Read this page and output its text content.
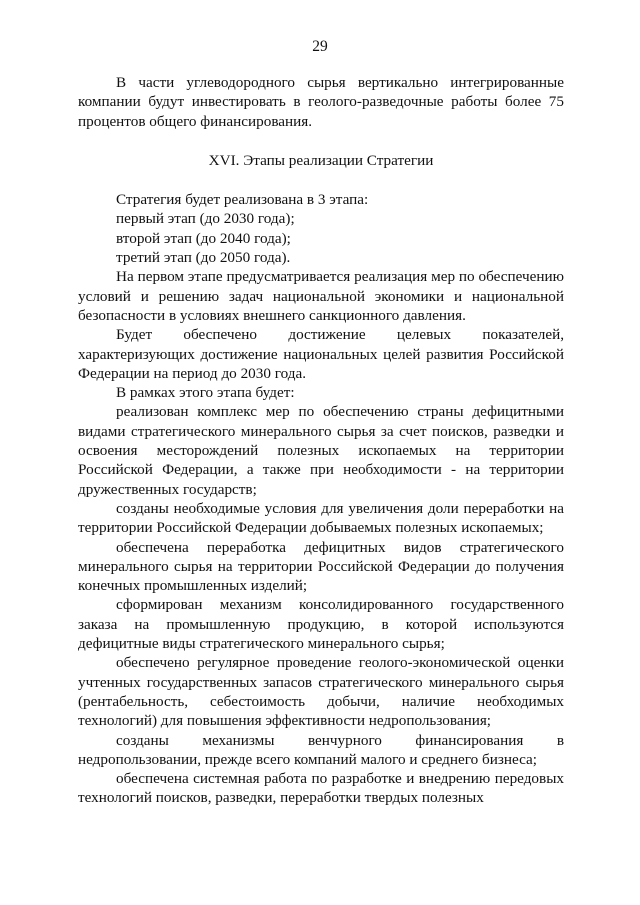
29

В части углеводородного сырья вертикально интегрированные компании будут инвестировать в геолого-разведочные работы более 75 процентов общего финансирования.

XVI. Этапы реализации Стратегии

Стратегия будет реализована в 3 этапа:

первый этап (до 2030 года);

второй этап (до 2040 года);

третий этап (до 2050 года).

На первом этапе предусматривается реализация мер по обеспечению условий и решению задач национальной экономики и национальной безопасности в условиях внешнего санкционного давления.

Будет обеспечено достижение целевых показателей, характеризующих достижение национальных целей развития Российской Федерации на период до 2030 года.

В рамках этого этапа будет:

реализован комплекс мер по обеспечению страны дефицитными видами стратегического минерального сырья за счет поисков, разведки и освоения месторождений полезных ископаемых на территории Российской Федерации, а также при необходимости - на территории дружественных государств;

созданы необходимые условия для увеличения доли переработки на территории Российской Федерации добываемых полезных ископаемых;

обеспечена переработка дефицитных видов стратегического минерального сырья на территории Российской Федерации до получения конечных промышленных изделий;

сформирован механизм консолидированного государственного заказа на промышленную продукцию, в которой используются дефицитные виды стратегического минерального сырья;

обеспечено регулярное проведение геолого-экономической оценки учтенных государственных запасов стратегического минерального сырья (рентабельность, себестоимость добычи, наличие необходимых технологий) для повышения эффективности недропользования;

созданы механизмы венчурного финансирования в недропользовании, прежде всего компаний малого и среднего бизнеса;

обеспечена системная работа по разработке и внедрению передовых технологий поисков, разведки, переработки твердых полезных
